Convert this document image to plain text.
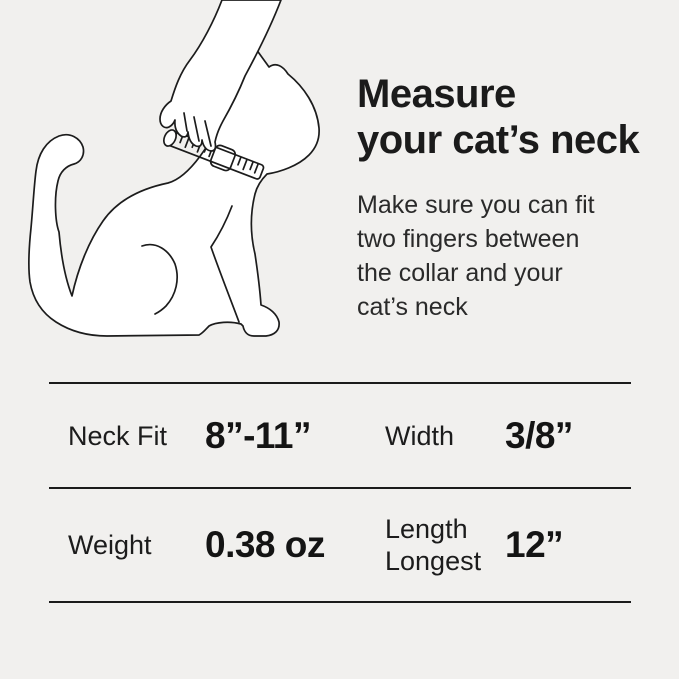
Measure
your cat’s neck

Make sure you can fit
two fingers between
the collar and your
cat’s neck

Neck Fit 8”-11”	Width 3/8”
Weight 0.38 oz Length Longest 12”
